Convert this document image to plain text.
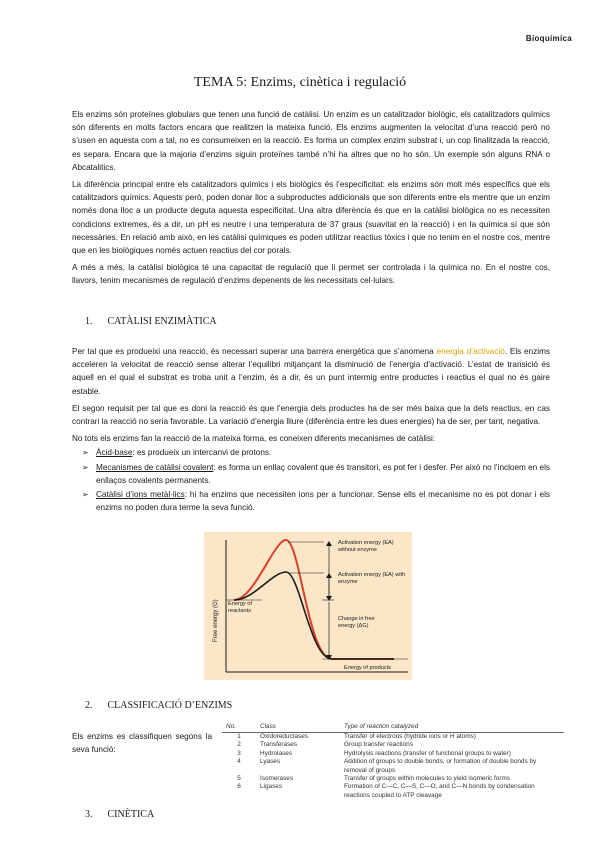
Bioquímica
TEMA 5: Enzims, cinètica i regulació

Els enzims són proteïnes globulars que tenen una funció de catàlisi. Un enzim es un catalitzador biològic, els catalitzadors químics són diferents en molts factors encara que realitzen la mateixa funció. Els enzims augmenten la velocitat d’una reacció però no s’usen en aquesta com a tal, no es consumeixen en la reacció. Es forma un complex enzim substrat i, un cop finalitzada la reacció, es separa. Encara que la majoria d’enzims siguin proteïnes també n’hi ha altres que no ho són. Un exemple són alguns RNA o Abcatalitics.

La diferència principal entre els catalitzadors químics i els biològics és l’especificitat: els enzims són molt més específics que els catalitzadors químics. Aquests però, poden donar lloc a subproductes addicionals que son diferents entre els mentre que un enzim només dona lloc a un producte deguta aquesta especificitat. Una altra diferència és que en la catàlisi biològica no es necessiten condicions extremes, és a dir, un pH es neutre i una temperatura de 37 graus (suavitat en la reacció) i en la química sí que són necessàries. En relació amb això, en les catàlisi químiques es poden utilitzar reactius tòxics i que no tenim en el nostre cos, mentre que en les biològiques només actuen reactius del cor porals.

A més a més, la catàlisi biològica té una capacitat de regulació que li permet ser controlada i la química no. En el nostre cos, llavors, tenim mecanismes de regulació d’enzims depenents de les necessitats cel·lulars.

1. CATÀLISI ENZIMÀTICA

Per tal que es produeixi una reacció, és necessari superar una barrera energètica que s’anomena energia d’activació. Els enzims acceleren la velocitat de reacció sense alterar l’equilibri mitjançant la disminució de l’energia d’activació. L’estat de transició és aquell en el qual el substrat es troba unit a l’enzim, és a dir, és un punt intermig entre productes i reactius el qual no és gaire estable.

El segon requisit per tal que es doni la reacció és que l’energia dels productes ha de ser més baixa que la dels reactius, en cas contrari la reacció no seria favorable. La variació d’energia lliure (diferència entre les dues energies) ha de ser, per tant, negativa.

No tots els enzims fan la reacció de la mateixa forma, es coneixen diferents mecanismes de catàlisi:

➢ Àcid-base: es produeix un intercanvi de protons.
➢ Mecanismes de catàlisi covalent: es forma un enllaç covalent que és transitori, es pot fer i desfer. Per això no l’incloem en els enllaços covalents permanents.
➢ Catàlisi d’ions metàl·lics: hi ha enzims que necessiten ions per a funcionar. Sense ells el mecanisme no es pot donar i els enzims no poden dura terme la seva funció.
Free energy (G)
Activation energy (EA) without enzyme
Activation energy (EA) with enzyme
Change in free energy (ΔG)
Energy of reactants
Energy of products
2. CLASSIFICACIÓ D’ENZIMS
Els enzims es classifiquen segons la seva funció:
No.	Class	Type of reaction catalyzed
1	Oxidoreductases	Transfer of electrons (hydride ions or H atoms)
2	Transferases	Group transfer reactions
3	Hydrolases	Hydrolysis reactions (transfer of functional groups to water)
4	Lyases	Addition of groups to double bonds, or formation of double bonds by removal of groups
5	Isomerases	Transfer of groups within molecules to yield isomeric forms
6	Ligases	Formation of C—C, C—S, C—O, and C—N bonds by condensation reactions coupled to ATP cleavage
3. CINÈTICA
